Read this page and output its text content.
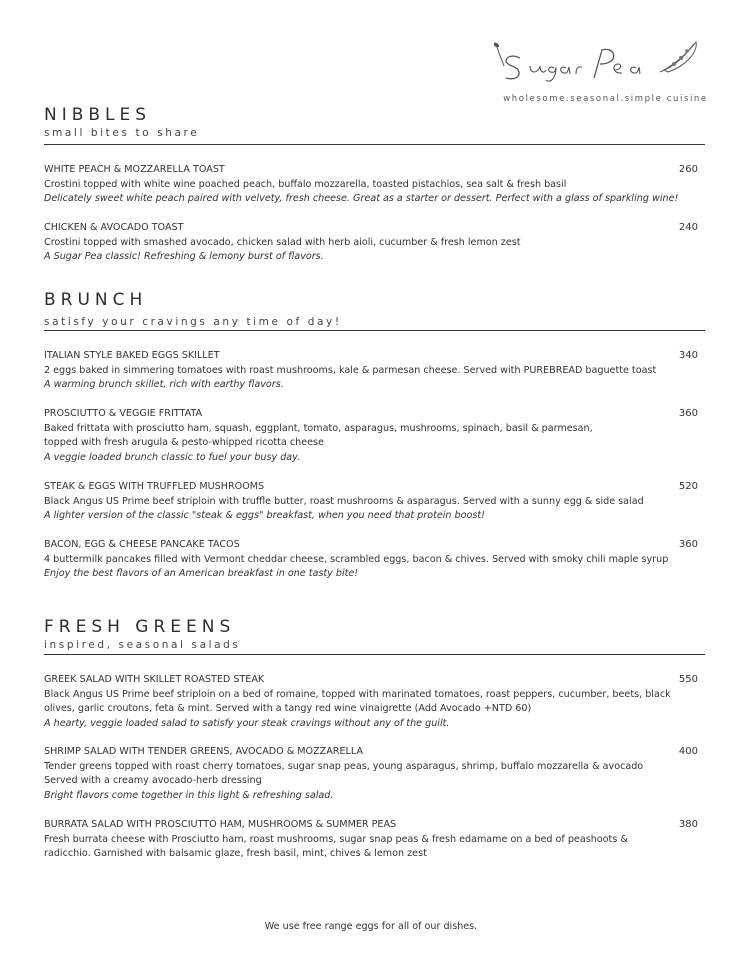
wholesome.seasonal.simple cuisine
NIBBLES
small bites to share
WHITE PEACH & MOZZARELLA TOAST	260
Crostini topped with white wine poached peach, buffalo mozzarella, toasted pistachios, sea salt & fresh basil
Delicately sweet white peach paired with velvety, fresh cheese. Great as a starter or dessert. Perfect with a glass of sparkling wine!
CHICKEN & AVOCADO TOAST	240
Crostini topped with smashed avocado, chicken salad with herb aioli, cucumber & fresh lemon zest
A Sugar Pea classic! Refreshing & lemony burst of flavors.
BRUNCH
satisfy your cravings any time of day!
ITALIAN STYLE BAKED EGGS SKILLET	340
2 eggs baked in simmering tomatoes with roast mushrooms, kale & parmesan cheese. Served with PUREBREAD baguette toast
A warming brunch skillet, rich with earthy flavors.
PROSCIUTTO & VEGGIE FRITTATA	360
Baked frittata with prosciutto ham, squash, eggplant, tomato, asparagus, mushrooms, spinach, basil & parmesan,
topped with fresh arugula & pesto-whipped ricotta cheese
A veggie loaded brunch classic to fuel your busy day.
STEAK & EGGS WITH TRUFFLED MUSHROOMS	520
Black Angus US Prime beef striploin with truffle butter, roast mushrooms & asparagus. Served with a sunny egg & side salad
A lighter version of the classic "steak & eggs" breakfast, when you need that protein boost!
BACON, EGG & CHEESE PANCAKE TACOS	360
4 buttermilk pancakes filled with Vermont cheddar cheese, scrambled eggs, bacon & chives. Served with smoky chili maple syrup
Enjoy the best flavors of an American breakfast in one tasty bite!
FRESH GREENS
inspired, seasonal salads
GREEK SALAD WITH SKILLET ROASTED STEAK	550
Black Angus US Prime beef striploin on a bed of romaine, topped with marinated tomatoes, roast peppers, cucumber, beets, black
olives, garlic croutons, feta & mint. Served with a tangy red wine vinaigrette (Add Avocado +NTD 60)
A hearty, veggie loaded salad to satisfy your steak cravings without any of the guilt.
SHRIMP SALAD WITH TENDER GREENS, AVOCADO & MOZZARELLA	400
Tender greens topped with roast cherry tomatoes, sugar snap peas, young asparagus, shrimp, buffalo mozzarella & avocado
Served with a creamy avocado-herb dressing
Bright flavors come together in this light & refreshing salad.
BURRATA SALAD WITH PROSCIUTTO HAM, MUSHROOMS & SUMMER PEAS	380
Fresh burrata cheese with Prosciutto ham, roast mushrooms, sugar snap peas & fresh edamame on a bed of peashoots &
radicchio. Garnished with balsamic glaze, fresh basil, mint, chives & lemon zest
We use free range eggs for all of our dishes.
